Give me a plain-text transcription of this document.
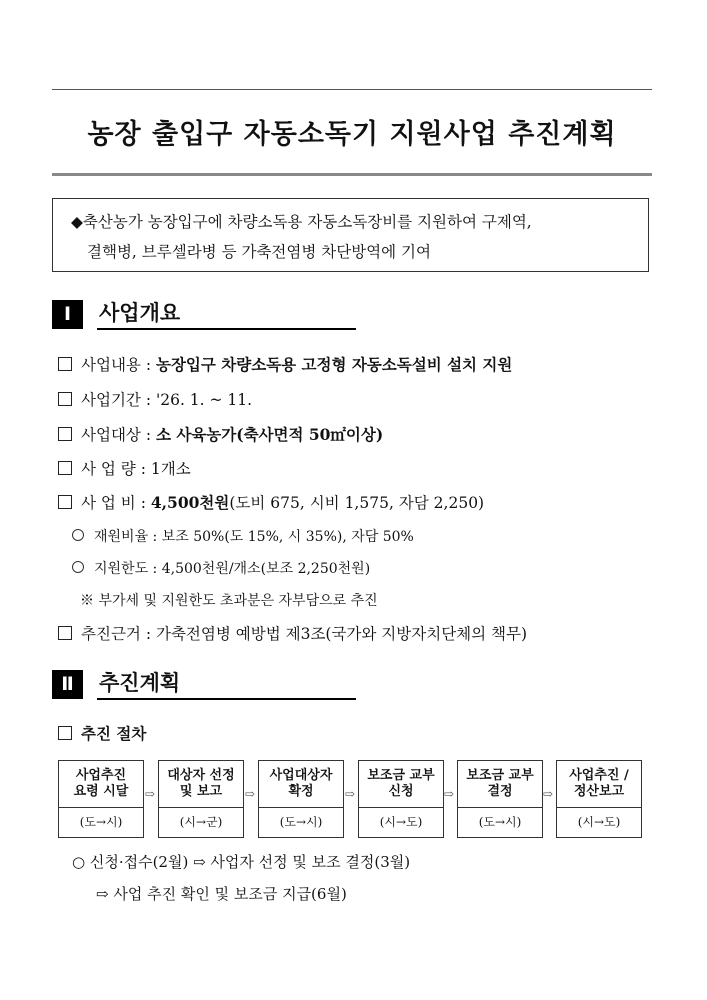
농장 출입구 자동소독기 지원사업 추진계획
◆축산농가 농장입구에 차량소독용 자동소독장비를 지원하여 구제역,
결핵병, 브루셀라병 등 가축전염병 차단방역에 기여
Ⅰ	사업개요
사업내용 : 농장입구 차량소독용 고정형 자동소독설비 설치 지원
사업기간 : '26. 1. ~ 11.
사업대상 : 소 사육농가(축사면적 50㎡이상)
사 업 량 : 1개소
사 업 비 : 4,500천원(도비 675, 시비 1,575, 자담 2,250)
재원비율 : 보조 50%(도 15%, 시 35%), 자담 50%
지원한도 : 4,500천원/개소(보조 2,250천원)
※ 부가세 및 지원한도 초과분은 자부담으로 추진
추진근거 : 가축전염병 예방법 제3조(국가와 지방자치단체의 책무)
Ⅱ	추진계획
추진 절차
사업추진
요령 시달
(도→시)
⇨
대상자 선정
및 보고
(시→군)
⇨
사업대상자
확정
(도→시)
⇨
보조금 교부
신청
(시→도)
⇨
보조금 교부
결정
(도→시)
⇨
사업추진 /
정산보고
(시→도)
○ 신청·접수(2월) ⇨ 사업자 선정 및 보조 결정(3월)
⇨ 사업 추진 확인 및 보조금 지급(6월)
